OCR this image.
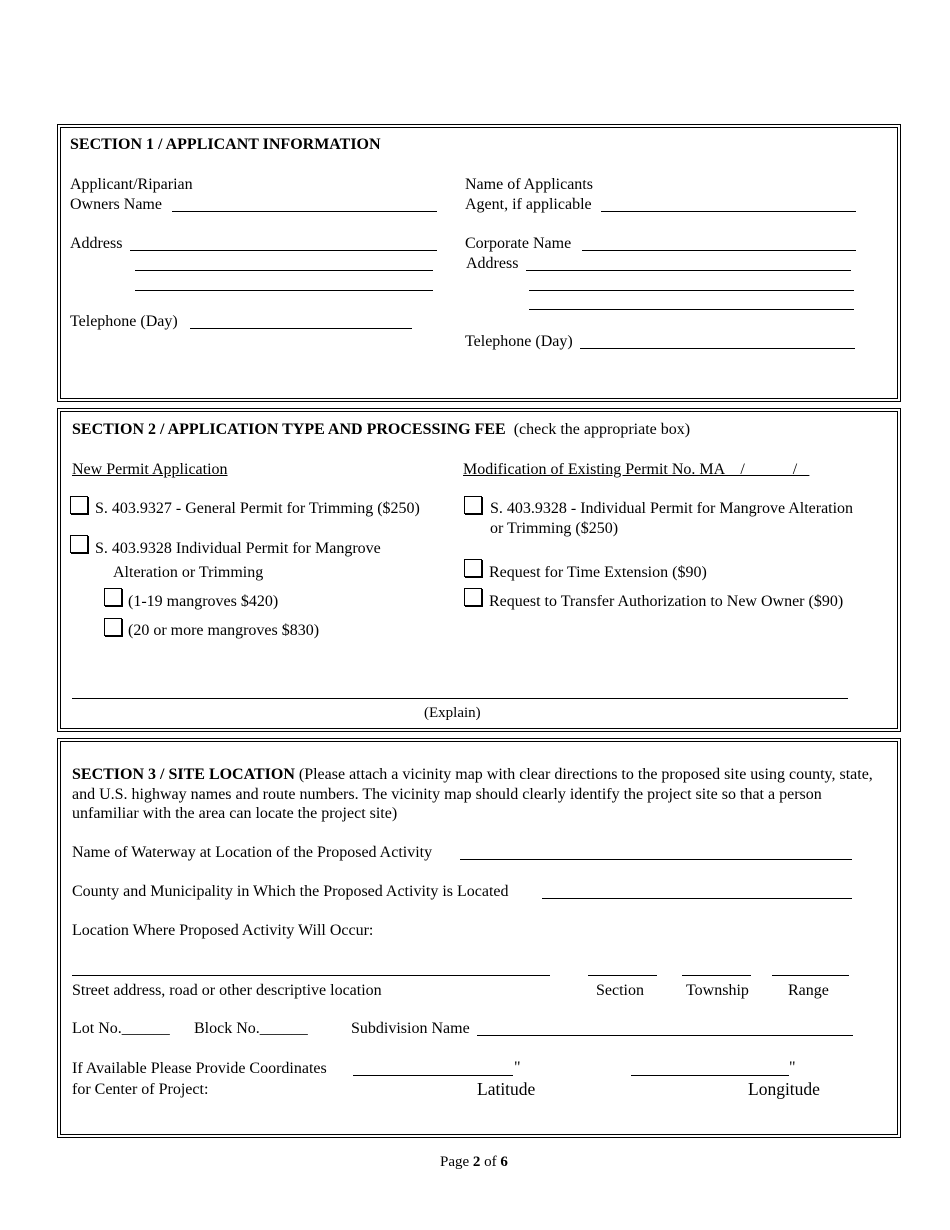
SECTION 1 / APPLICANT INFORMATION
Applicant/Riparian
Owners Name
Address
Telephone (Day)
Name of Applicants
Agent, if applicable
Corporate Name
Address
Telephone (Day)
SECTION 2 / APPLICATION TYPE AND PROCESSING FEE (check the appropriate box)
New Permit Application	Modification of Existing Permit No. MA _ /_ _ _ _ / _
S. 403.9327 - General Permit for Trimming ($250)
S. 403.9328 Individual Permit for Mangrove
Alteration or Trimming
(1-19 mangroves $420)
(20 or more mangroves $830)
S. 403.9328 - Individual Permit for Mangrove Alteration
or Trimming ($250)
Request for Time Extension ($90)
Request to Transfer Authorization to New Owner ($90)
(Explain)
SECTION 3 / SITE LOCATION (Please attach a vicinity map with clear directions to the proposed site using county, state, and U.S. highway names and route numbers. The vicinity map should clearly identify the project site so that a person unfamiliar with the area can locate the project site)
Name of Waterway at Location of the Proposed Activity
County and Municipality in Which the Proposed Activity is Located
Location Where Proposed Activity Will Occur:
Street address, road or other descriptive location	Section	Township Range
Lot No.______ Block No.______	Subdivision Name
If Available Please Provide Coordinates	"	"
for Center of Project:	Latitude	Longitude
Page 2 of 6
